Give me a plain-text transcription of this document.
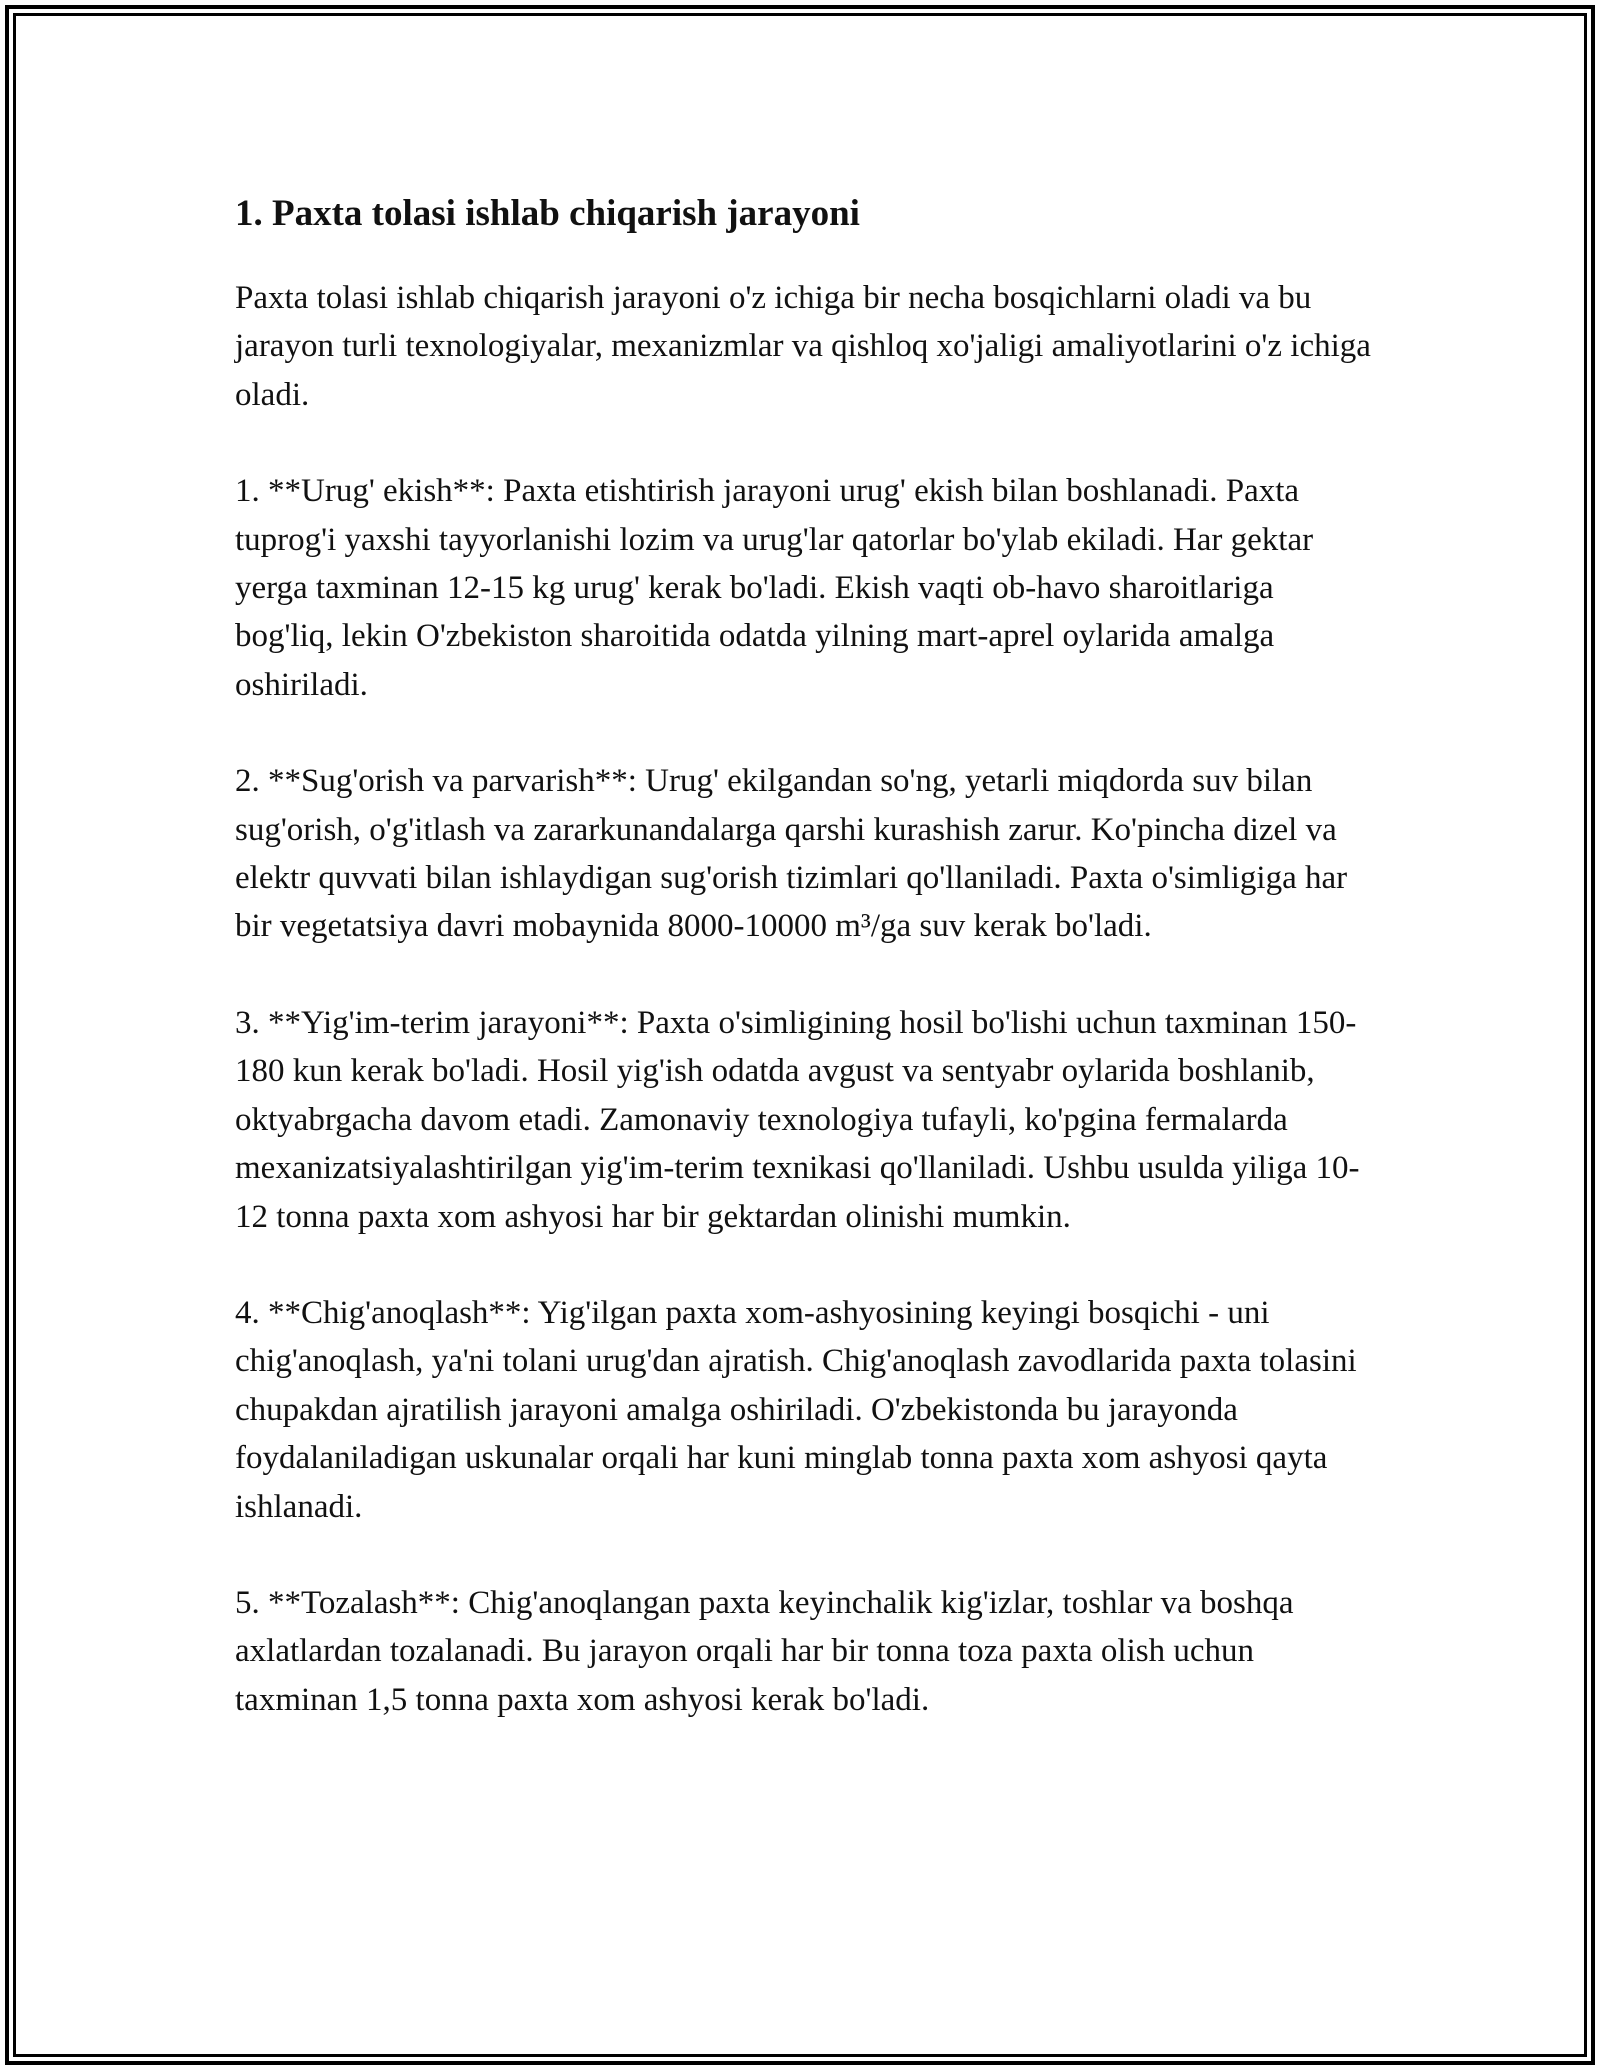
1. Paxta tolasi ishlab chiqarish jarayoni

Paxta tolasi ishlab chiqarish jarayoni o'z ichiga bir necha bosqichlarni oladi va bu jarayon turli texnologiyalar, mexanizmlar va qishloq xo'jaligi amaliyotlarini o'z ichiga oladi.

1. **Urug' ekish**: Paxta etishtirish jarayoni urug' ekish bilan boshlanadi. Paxta tuprog'i yaxshi tayyorlanishi lozim va urug'lar qatorlar bo'ylab ekiladi. Har gektar yerga taxminan 12-15 kg urug' kerak bo'ladi. Ekish vaqti ob-havo sharoitlariga bog'liq, lekin O'zbekiston sharoitida odatda yilning mart-aprel oylarida amalga oshiriladi.

2. **Sug'orish va parvarish**: Urug' ekilgandan so'ng, yetarli miqdorda suv bilan sug'orish, o'g'itlash va zararkunandalarga qarshi kurashish zarur. Ko'pincha dizel va elektr quvvati bilan ishlaydigan sug'orish tizimlari qo'llaniladi. Paxta o'simligiga har bir vegetatsiya davri mobaynida 8000-10000 m³/ga suv kerak bo'ladi.

3. **Yig'im-terim jarayoni**: Paxta o'simligining hosil bo'lishi uchun taxminan 150-180 kun kerak bo'ladi. Hosil yig'ish odatda avgust va sentyabr oylarida boshlanib, oktyabrgacha davom etadi. Zamonaviy texnologiya tufayli, ko'pgina fermalarda mexanizatsiyalashtirilgan yig'im-terim texnikasi qo'llaniladi. Ushbu usulda yiliga 10-12 tonna paxta xom ashyosi har bir gektardan olinishi mumkin.

4. **Chig'anoqlash**: Yig'ilgan paxta xom-ashyosining keyingi bosqichi - uni chig'anoqlash, ya'ni tolani urug'dan ajratish. Chig'anoqlash zavodlarida paxta tolasini chupakdan ajratilish jarayoni amalga oshiriladi. O'zbekistonda bu jarayonda foydalaniladigan uskunalar orqali har kuni minglab tonna paxta xom ashyosi qayta ishlanadi.

5. **Tozalash**: Chig'anoqlangan paxta keyinchalik kig'izlar, toshlar va boshqa axlatlardan tozalanadi. Bu jarayon orqali har bir tonna toza paxta olish uchun taxminan 1,5 tonna paxta xom ashyosi kerak bo'ladi.
